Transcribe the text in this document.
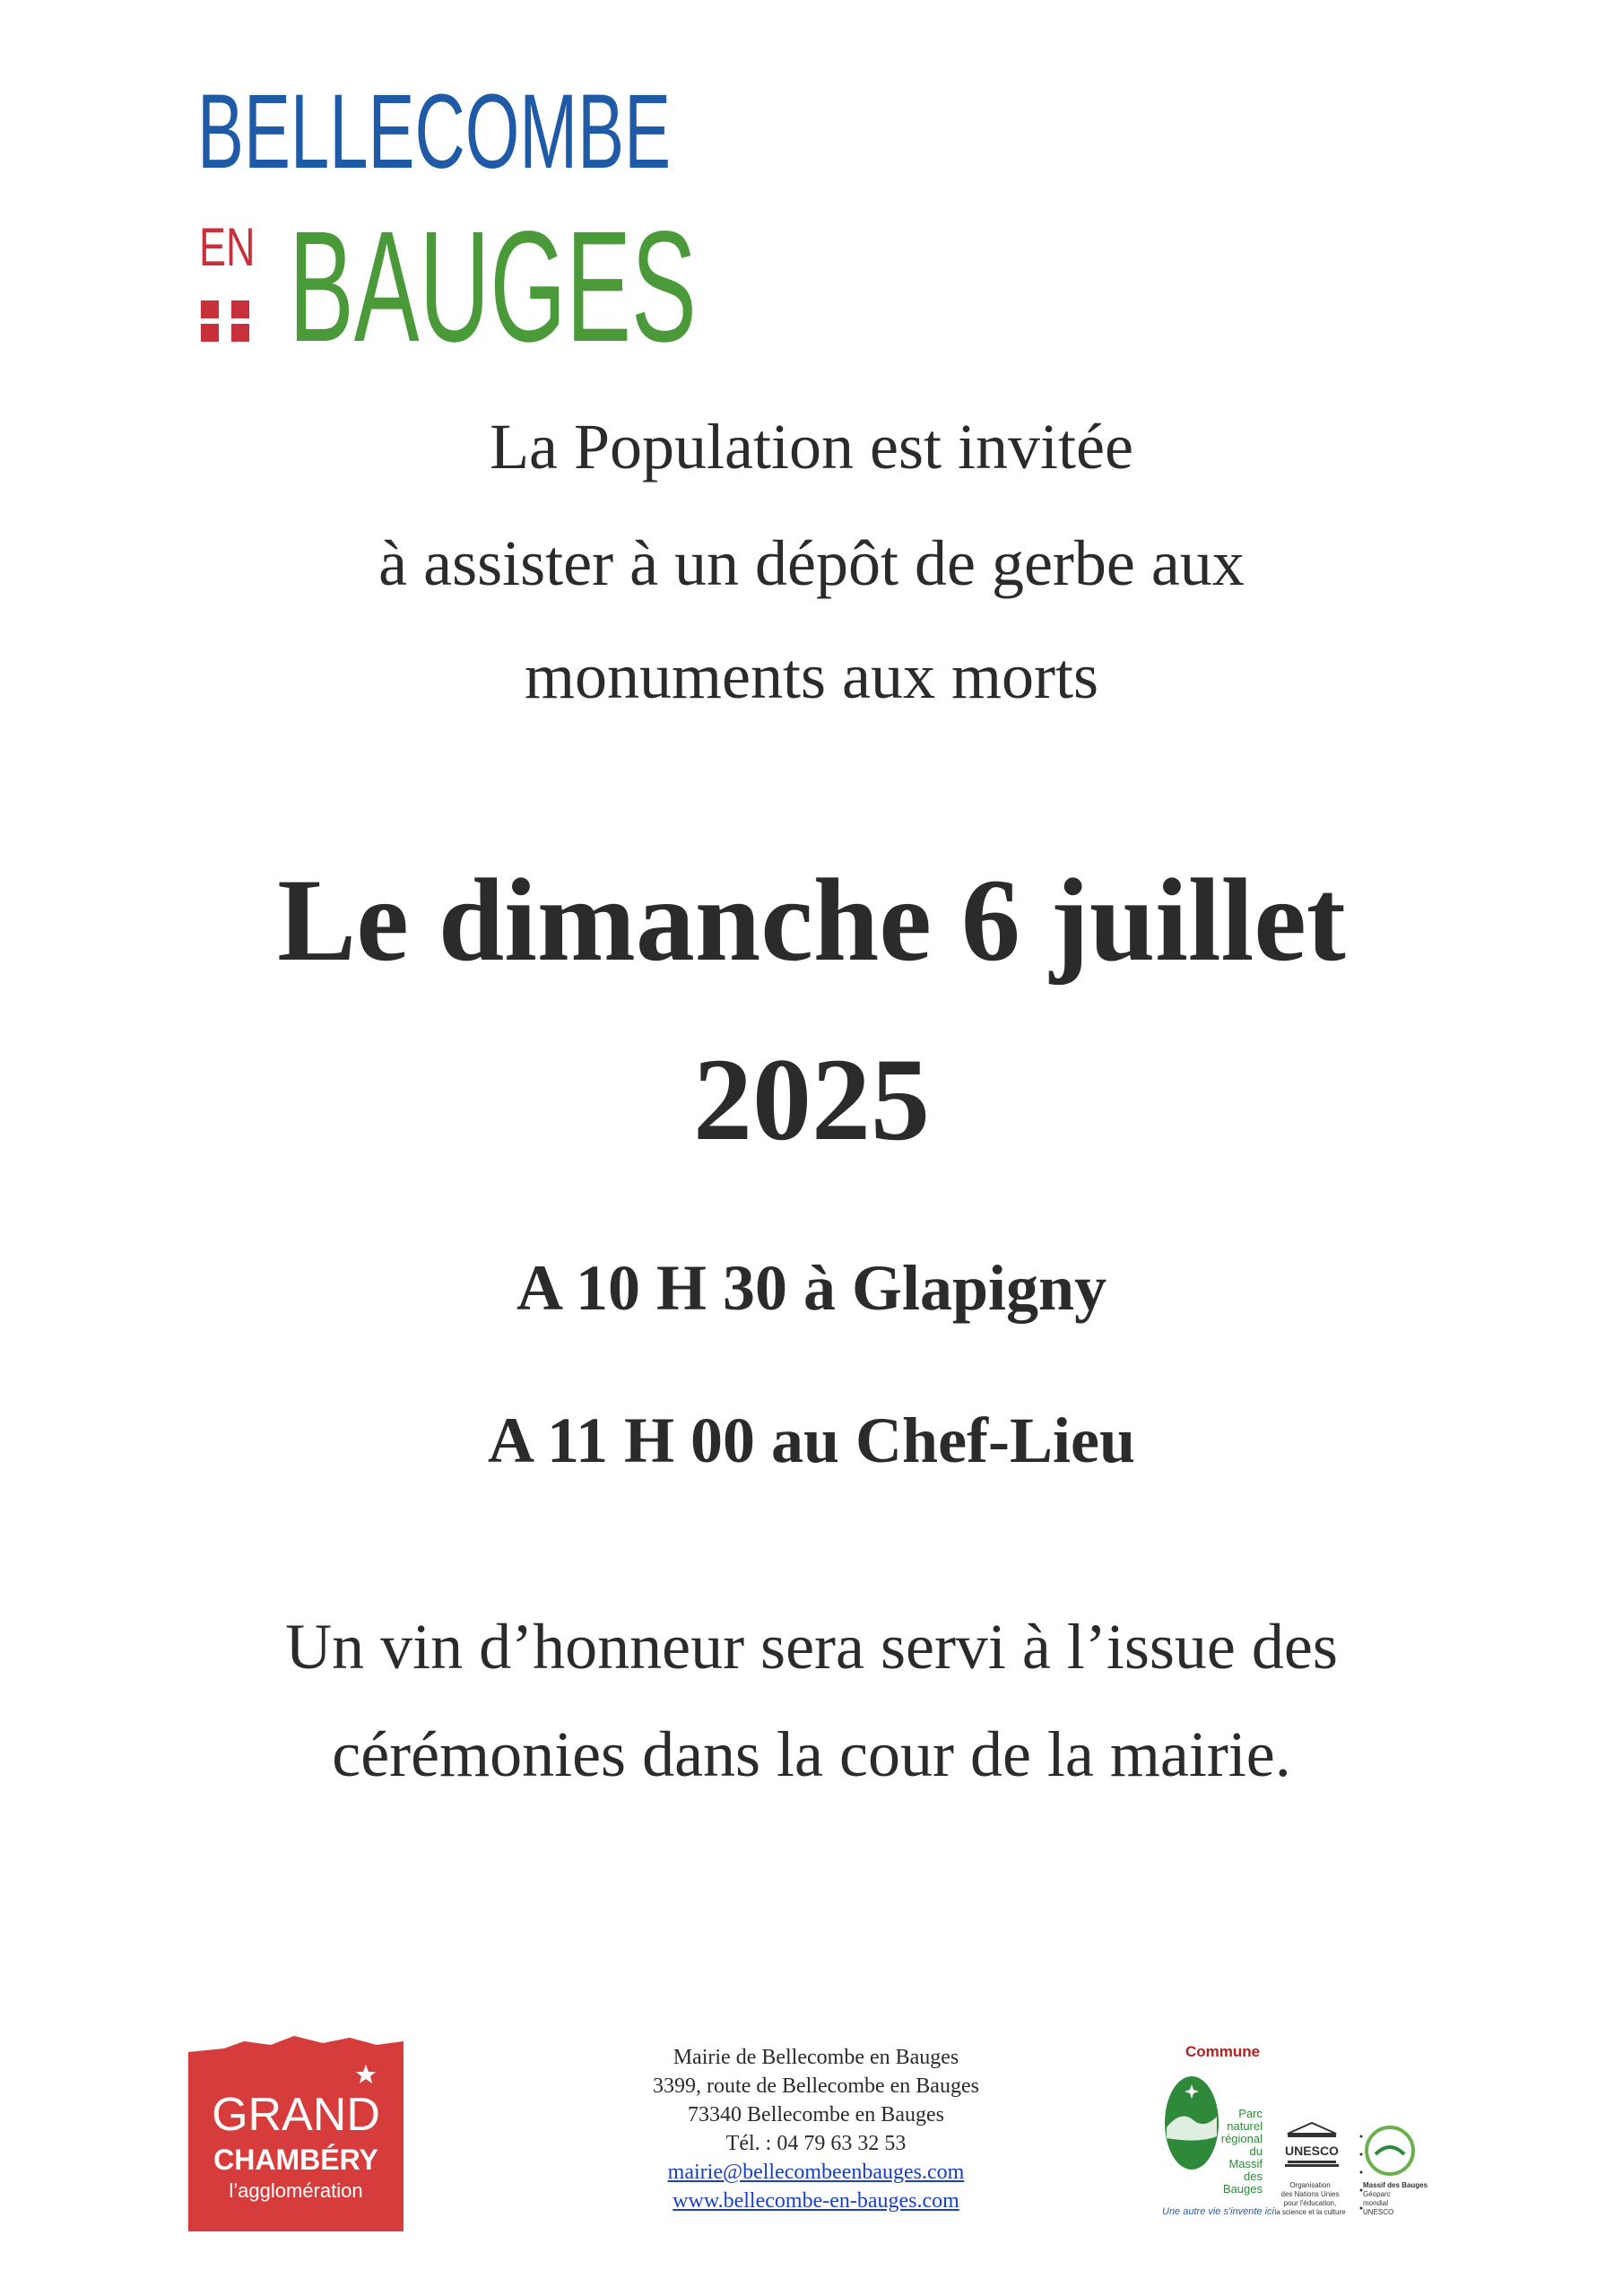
BELLECOMBE
EN BAUGES
La Population est invitée
à assister à un dépôt de gerbe aux
monuments aux morts
Le dimanche 6 juillet
2025
A 10 H 30 à Glapigny
A 11 H 00 au Chef-Lieu
Un vin d’honneur sera servi à l’issue des
cérémonies dans la cour de la mairie.
GRAND
CHAMBÉRY
l’agglomération
Mairie de Bellecombe en Bauges
3399, route de Bellecombe en Bauges
73340 Bellecombe en Bauges
Tél. : 04 79 63 32 53
mairie@bellecombeenbauges.com
www.bellecombe-en-bauges.com
Commune
Parc
naturel
régional
du Massif
des Bauges
Une autre vie s'invente ici
UNESCO
Organisation
des Nations Unies
pour l'éducation,
la science et la culture
Massif des Bauges
Géoparc
mondial
UNESCO
